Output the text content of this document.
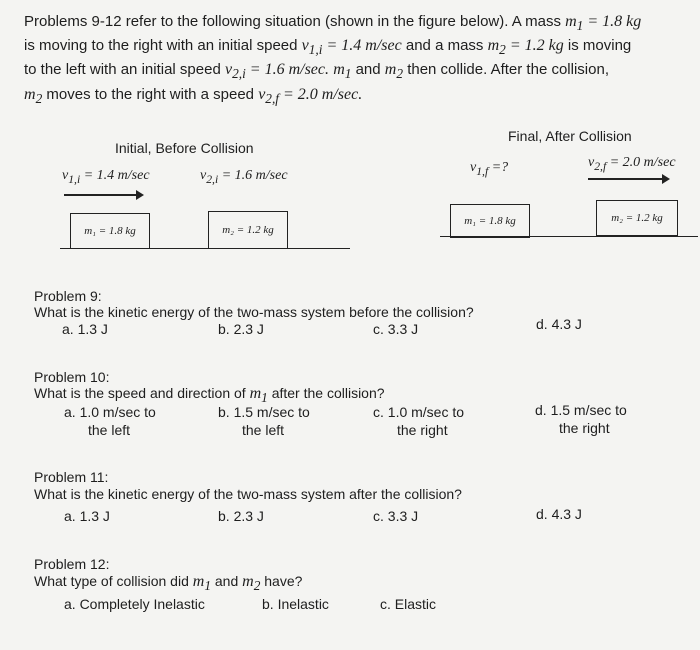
Problems 9-12 refer to the following situation (shown in the figure below). A mass $m_1 = 1.8$ kg
is moving to the right with an initial speed $v_{1,i} = 1.4$ m/sec and a mass $m_2 = 1.2$ kg is moving
to the left with an initial speed $v_{2,i} = 1.6$ m/sec. $m_1$ and $m_2$ then collide. After the collision,
$m_2$ moves to the right with a speed $v_{2,f} = 2.0$ m/sec.
Initial, Before Collision
$v_{1,i} = 1.4$ m/sec	$v_{2,i} = 1.6$ m/sec
m₁ = 1.8 kg	m₂ = 1.2 kg
Final, After Collision
$v_{1,f}$ =?	$v_{2,f} = 2.0$ m/sec
m₁ = 1.8 kg	m₂ = 1.2 kg
Problem 9:
What is the kinetic energy of the two-mass system before the collision?
a. 1.3 J	b. 2.3 J	c. 3.3 J	d. 4.3 J
Problem 10:
What is the speed and direction of $m_1$ after the collision?
a. 1.0 m/sec to
the left
b. 1.5 m/sec to
the left
c. 1.0 m/sec to
the right
d. 1.5 m/sec to
the right
Problem 11:
What is the kinetic energy of the two-mass system after the collision?
a. 1.3 J	b. 2.3 J	c. 3.3 J	d. 4.3 J
Problem 12:
What type of collision did $m_1$ and $m_2$ have?
a. Completely Inelastic	b. Inelastic	c. Elastic
